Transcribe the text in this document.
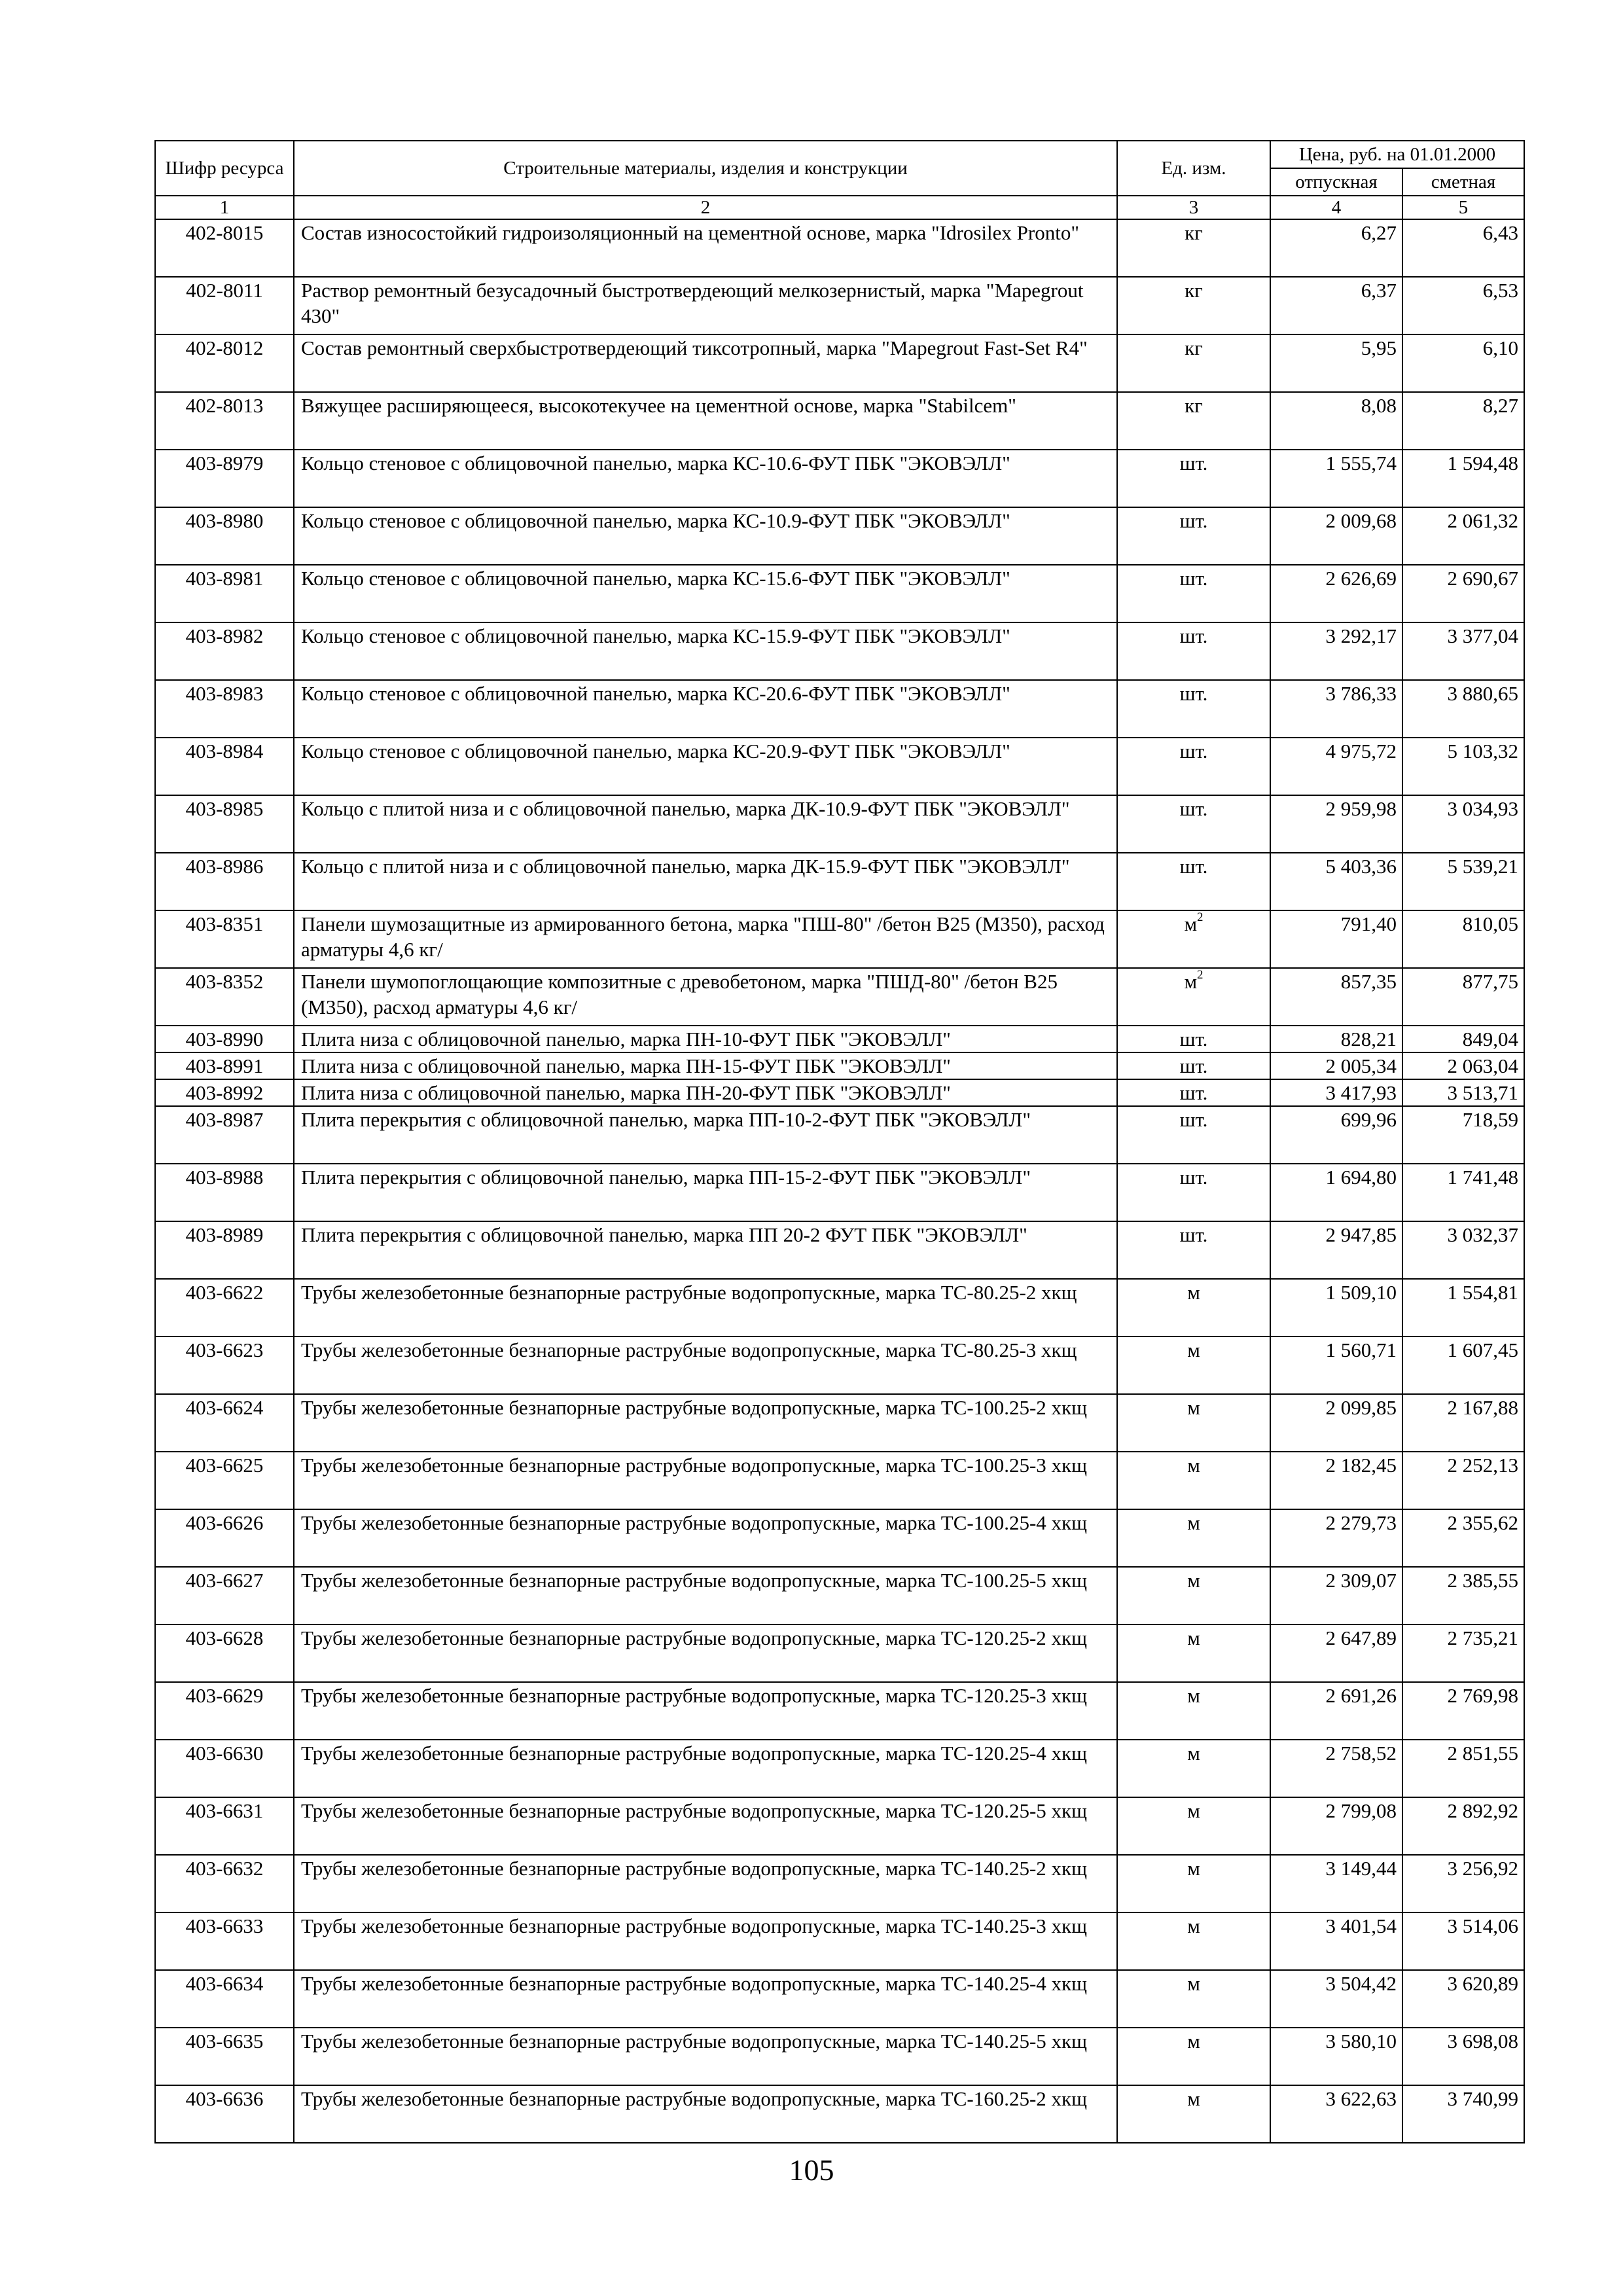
Шифр ресурса	Строительные материалы, изделия и конструкции	Ед. изм.	Цена, руб. на 01.01.2000	
			отпускная	сметная
1	2	3	4	5
402-8015	Состав износостойкий гидроизоляционный на цементной основе, марка "Idrosilex Pronto"	кг	6,27	6,43
402-8011	Раствор ремонтный безусадочный быстротвердеющий мелкозернистый, марка "Mapegrout 430"	кг	6,37	6,53
402-8012	Состав ремонтный сверхбыстротвердеющий тиксотропный, марка "Mapegrout Fast-Set R4"	кг	5,95	6,10
402-8013	Вяжущее расширяющееся, высокотекучее на цементной основе, марка "Stabilcem"	кг	8,08	8,27
403-8979	Кольцо стеновое с облицовочной панелью, марка КС-10.6-ФУТ ПБК "ЭКОВЭЛЛ"	шт.	1 555,74	1 594,48
403-8980	Кольцо стеновое с облицовочной панелью, марка КС-10.9-ФУТ ПБК "ЭКОВЭЛЛ"	шт.	2 009,68	2 061,32
403-8981	Кольцо стеновое с облицовочной панелью, марка КС-15.6-ФУТ ПБК "ЭКОВЭЛЛ"	шт.	2 626,69	2 690,67
403-8982	Кольцо стеновое с облицовочной панелью, марка КС-15.9-ФУТ ПБК "ЭКОВЭЛЛ"	шт.	3 292,17	3 377,04
403-8983	Кольцо стеновое с облицовочной панелью, марка КС-20.6-ФУТ ПБК "ЭКОВЭЛЛ"	шт.	3 786,33	3 880,65
403-8984	Кольцо стеновое с облицовочной панелью, марка КС-20.9-ФУТ ПБК "ЭКОВЭЛЛ"	шт.	4 975,72	5 103,32
403-8985	Кольцо с плитой низа и с облицовочной панелью, марка ДК-10.9-ФУТ ПБК "ЭКОВЭЛЛ"	шт.	2 959,98	3 034,93
403-8986	Кольцо с плитой низа и с облицовочной панелью, марка ДК-15.9-ФУТ ПБК "ЭКОВЭЛЛ"	шт.	5 403,36	5 539,21
403-8351	Панели шумозащитные из армированного бетона, марка "ПШ-80" /бетон В25 (М350), расход арматуры 4,6 кг/	$м^2$	791,40	810,05
403-8352	Панели шумопоглощающие композитные с древобетоном, марка "ПШД-80" /бетон В25 (М350), расход арматуры 4,6 кг/	$м^2$	857,35	877,75
403-8990	Плита низа с облицовочной панелью, марка ПН-10-ФУТ ПБК "ЭКОВЭЛЛ"	шт.	828,21	849,04
403-8991	Плита низа с облицовочной панелью, марка ПН-15-ФУТ ПБК "ЭКОВЭЛЛ"	шт.	2 005,34	2 063,04
403-8992	Плита низа с облицовочной панелью, марка ПН-20-ФУТ ПБК "ЭКОВЭЛЛ"	шт.	3 417,93	3 513,71
403-8987	Плита перекрытия с облицовочной панелью, марка ПП-10-2-ФУТ ПБК "ЭКОВЭЛЛ"	шт.	699,96	718,59
403-8988	Плита перекрытия с облицовочной панелью, марка ПП-15-2-ФУТ ПБК "ЭКОВЭЛЛ"	шт.	1 694,80	1 741,48
403-8989	Плита перекрытия с облицовочной панелью, марка ПП 20-2 ФУТ ПБК "ЭКОВЭЛЛ"	шт.	2 947,85	3 032,37
403-6622	Трубы железобетонные безнапорные раструбные водопропускные, марка ТС-80.25-2 хкщ	м	1 509,10	1 554,81
403-6623	Трубы железобетонные безнапорные раструбные водопропускные, марка ТС-80.25-3 хкщ	м	1 560,71	1 607,45
403-6624	Трубы железобетонные безнапорные раструбные водопропускные, марка ТС-100.25-2 хкщ	м	2 099,85	2 167,88
403-6625	Трубы железобетонные безнапорные раструбные водопропускные, марка ТС-100.25-3 хкщ	м	2 182,45	2 252,13
403-6626	Трубы железобетонные безнапорные раструбные водопропускные, марка ТС-100.25-4 хкщ	м	2 279,73	2 355,62
403-6627	Трубы железобетонные безнапорные раструбные водопропускные, марка ТС-100.25-5 хкщ	м	2 309,07	2 385,55
403-6628	Трубы железобетонные безнапорные раструбные водопропускные, марка ТС-120.25-2 хкщ	м	2 647,89	2 735,21
403-6629	Трубы железобетонные безнапорные раструбные водопропускные, марка ТС-120.25-3 хкщ	м	2 691,26	2 769,98
403-6630	Трубы железобетонные безнапорные раструбные водопропускные, марка ТС-120.25-4 хкщ	м	2 758,52	2 851,55
403-6631	Трубы железобетонные безнапорные раструбные водопропускные, марка ТС-120.25-5 хкщ	м	2 799,08	2 892,92
403-6632	Трубы железобетонные безнапорные раструбные водопропускные, марка ТС-140.25-2 хкщ	м	3 149,44	3 256,92
403-6633	Трубы железобетонные безнапорные раструбные водопропускные, марка ТС-140.25-3 хкщ	м	3 401,54	3 514,06
403-6634	Трубы железобетонные безнапорные раструбные водопропускные, марка ТС-140.25-4 хкщ	м	3 504,42	3 620,89
403-6635	Трубы железобетонные безнапорные раструбные водопропускные, марка ТС-140.25-5 хкщ	м	3 580,10	3 698,08
403-6636	Трубы железобетонные безнапорные раструбные водопропускные, марка ТС-160.25-2 хкщ	м	3 622,63	3 740,99
105
